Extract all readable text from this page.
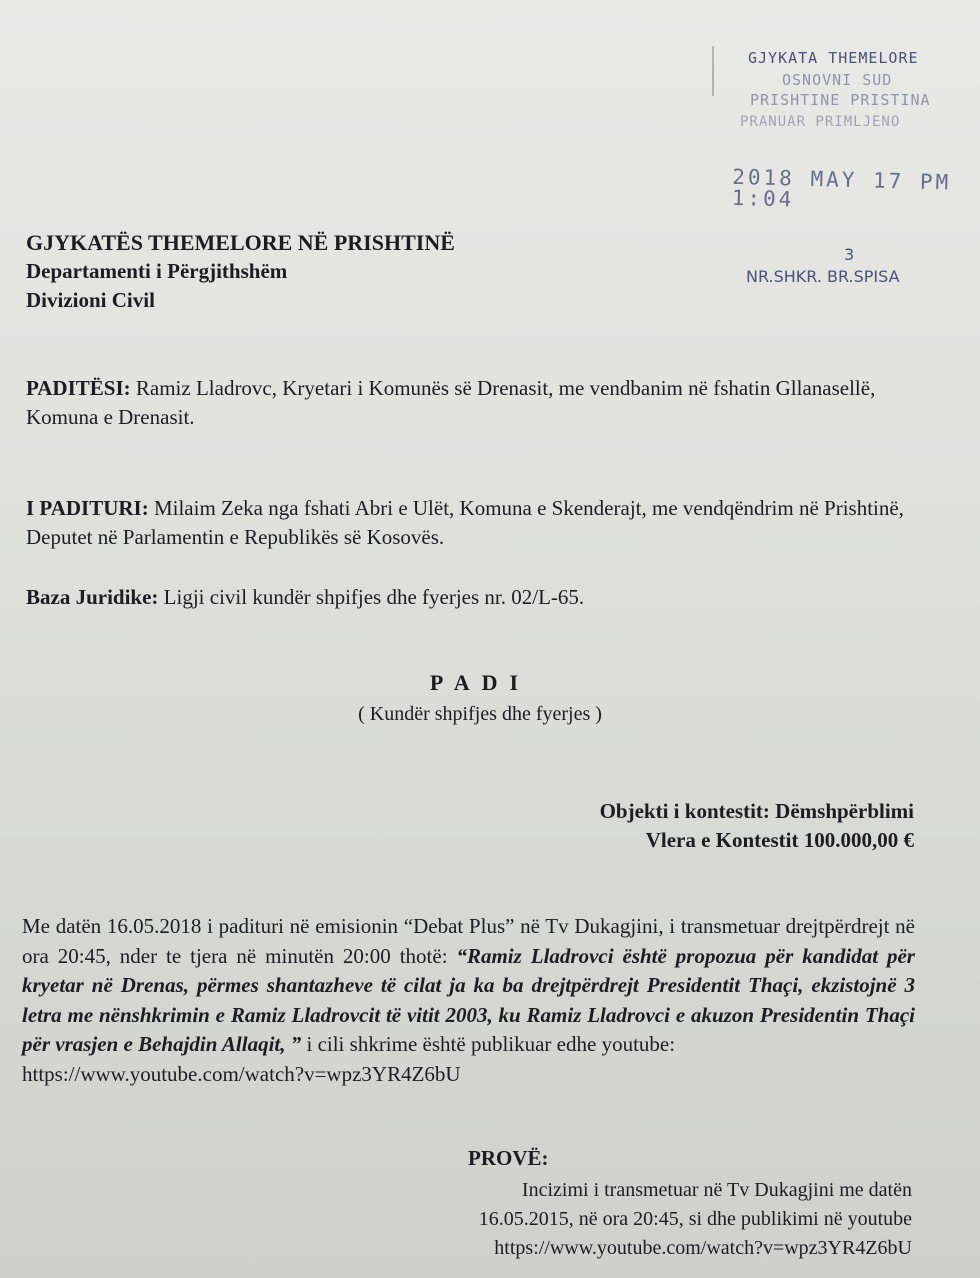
GJYKATA THEMELORE
OSNOVNI SUD
PRISHTINE PRISTINA
PRANUAR PRIMLJENO
2018 MAY 17 PM 1:04
3
NR.SHKR. BR.SPISA
GJYKATËS THEMELORE NË PRISHTINË
Departamenti i Përgjithshëm
Divizioni Civil
PADITËSI: Ramiz Lladrovc, Kryetari i Komunës së Drenasit, me vendbanim në fshatin Gllanasellë, Komuna e Drenasit.
I PADITURI: Milaim Zeka nga fshati Abri e Ulët, Komuna e Skenderajt, me vendqëndrim në Prishtinë, Deputet në Parlamentin e Republikës së Kosovës.
Baza Juridike: Ligji civil kundër shpifjes dhe fyerjes nr. 02/L-65.
PADI
( Kundër shpifjes dhe fyerjes )
Objekti i kontestit: Dëmshpërblimi
Vlera e Kontestit 100.000,00 €
Me datën 16.05.2018 i padituri në emisionin “Debat Plus” në Tv Dukagjini, i transmetuar drejtpërdrejt në ora 20:45, nder te tjera në minutën 20:00 thotë: “Ramiz Lladrovci është propozua për kandidat për kryetar në Drenas, përmes shantazheve të cilat ja ka ba drejtpërdrejt Presidentit Thaçi, ekzistojnë 3 letra me nënshkrimin e Ramiz Lladrovcit të vitit 2003, ku Ramiz Lladrovci e akuzon Presidentin Thaçi për vrasjen e Behajdin Allaqit, ” i cili shkrime është publikuar edhe youtube:
https://www.youtube.com/watch?v=wpz3YR4Z6bU
PROVË:
Incizimi i transmetuar në Tv Dukagjini me datën
16.05.2015, në ora 20:45, si dhe publikimi në youtube
https://www.youtube.com/watch?v=wpz3YR4Z6bU
